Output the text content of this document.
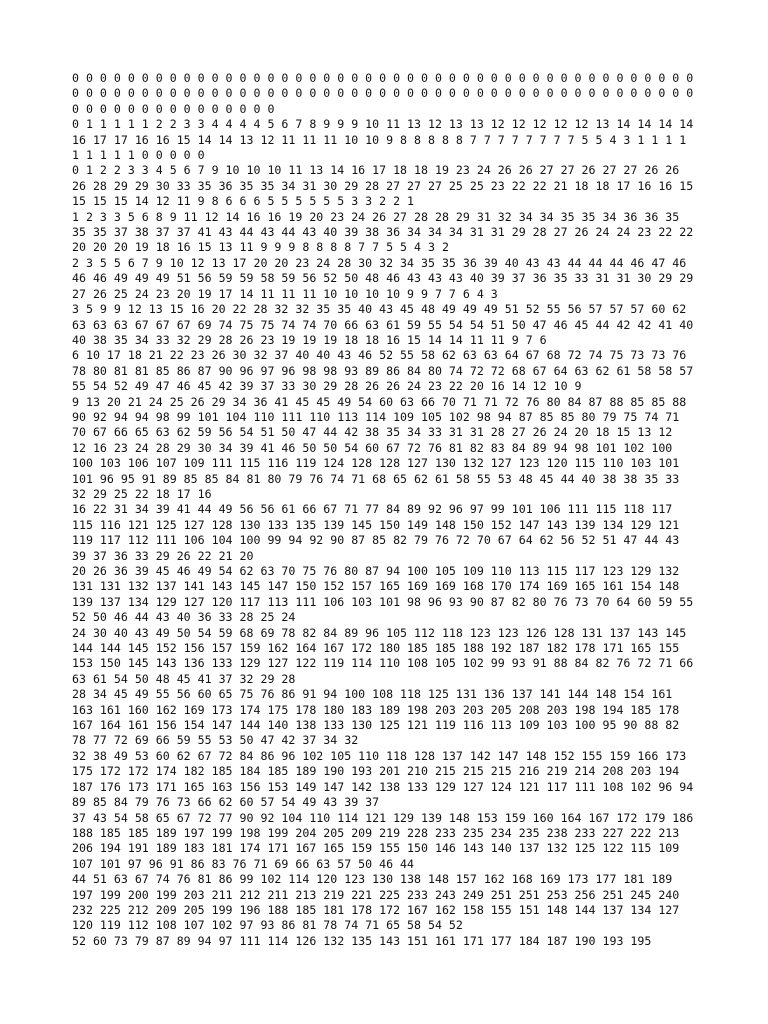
0 0 0 0 0 0 0 0 0 0 0 0 0 0 0 0 0 0 0 0 0 0 0 0 0 0 0 0 0 0 0 0 0 0 0 0 0 0 0 0 0 0 0 0 0 0 0 0 0 0 0 0 0 0 0 0 0 0 0 0 0 0 0 0 0 0 0 0 0 0 0 0 0 0 0 0 0 0 0 0 0 0 0 0 0 0 0 0 0 0 0 0 0 0 0 0 0 0 0 0 0 0 0 0 0
0 1 1 1 1 1 2 2 3 3 4 4 4 4 5 6 7 8 9 9 9 10 11 13 12 13 13 12 12 12 12 12 13 14 14 14 14 16 17 17 16 16 15 14 14 13 12 11 11 11 10 10 9 8 8 8 8 8 7 7 7 7 7 7 7 7 5 5 4 3 1 1 1 1 1 1 1 1 1 0 0 0 0 0
0 1 2 2 3 3 4 5 6 7 9 10 10 10 11 13 14 16 17 18 18 19 23 24 26 26 27 27 26 27 27 26 26 26 28 29 29 30 33 35 36 35 35 34 31 30 29 28 27 27 27 25 25 23 22 22 21 18 18 17 16 16 15 15 15 15 14 12 11 9 8 6 6 6 5 5 5 5 5 5 3 3 2 2 1
1 2 3 3 5 6 8 9 11 12 14 16 16 19 20 23 24 26 27 28 28 29 31 32 34 34 35 35 34 36 36 35 35 35 37 38 37 37 41 43 44 43 44 43 40 39 38 36 34 34 34 31 31 29 28 27 26 24 24 23 22 22 20 20 20 19 18 16 15 13 11 9 9 9 8 8 8 8 7 7 5 5 4 3 2
2 3 5 5 6 7 9 10 12 13 17 20 20 23 24 28 30 32 34 35 35 36 39 40 43 43 44 44 44 46 47 46 46 46 49 49 49 51 56 59 59 58 59 56 52 50 48 46 43 43 43 40 39 37 36 35 33 31 31 30 29 29 27 26 25 24 23 20 19 17 14 11 11 11 10 10 10 10 9 9 7 7 6 4 3
3 5 9 9 12 13 15 16 20 22 28 32 32 35 35 40 43 45 48 49 49 49 51 52 55 56 57 57 57 60 62 63 63 63 67 67 67 69 74 75 75 74 74 70 66 63 61 59 55 54 54 51 50 47 46 45 44 42 42 41 40 40 38 35 34 33 32 29 28 26 23 19 19 19 18 18 16 15 14 14 11 11 9 7 6
6 10 17 18 21 22 23 26 30 32 37 40 40 43 46 52 55 58 62 63 63 64 67 68 72 74 75 73 73 76 78 80 81 81 85 86 87 90 96 97 96 98 98 93 89 86 84 80 74 72 72 68 67 64 63 62 61 58 58 57 55 54 52 49 47 46 45 42 39 37 33 30 29 28 26 26 24 23 22 20 16 14 12 10 9
9 13 20 21 24 25 26 29 34 36 41 45 45 49 54 60 63 66 70 71 71 72 76 80 84 87 88 85 85 88 90 92 94 94 98 99 101 104 110 111 110 113 114 109 105 102 98 94 87 85 85 80 79 75 74 71 70 67 66 65 63 62 59 56 54 51 50 47 44 42 38 35 34 33 31 31 28 27 26 24 20 18 15 13 12
12 16 23 24 28 29 30 34 39 41 46 50 50 54 60 67 72 76 81 82 83 84 89 94 98 101 102 100 100 103 106 107 109 111 115 116 119 124 128 128 127 130 132 127 123 120 115 110 103 101 101 96 95 91 89 85 85 84 81 80 79 76 74 71 68 65 62 61 58 55 53 48 45 44 40 38 38 35 33 32 29 25 22 18 17 16
16 22 31 34 39 41 44 49 56 56 61 66 67 71 77 84 89 92 96 97 99 101 106 111 115 118 117 115 116 121 125 127 128 130 133 135 139 145 150 149 148 150 152 147 143 139 134 129 121 119 117 112 111 106 104 100 99 94 92 90 87 85 82 79 76 72 70 67 64 62 56 52 51 47 44 43 39 37 36 33 29 26 22 21 20
20 26 36 39 45 46 49 54 62 63 70 75 76 80 87 94 100 105 109 110 113 115 117 123 129 132 131 131 132 137 141 143 145 147 150 152 157 165 169 169 168 170 174 169 165 161 154 148 139 137 134 129 127 120 117 113 111 106 103 101 98 96 93 90 87 82 80 76 73 70 64 60 59 55 52 50 46 44 43 40 36 33 28 25 24
24 30 40 43 49 50 54 59 68 69 78 82 84 89 96 105 112 118 123 123 126 128 131 137 143 145 144 144 145 152 156 157 159 162 164 167 172 180 185 185 188 192 187 182 178 171 165 155 153 150 145 143 136 133 129 127 122 119 114 110 108 105 102 99 93 91 88 84 82 76 72 71 66 63 61 54 50 48 45 41 37 32 29 28
28 34 45 49 55 56 60 65 75 76 86 91 94 100 108 118 125 131 136 137 141 144 148 154 161 163 161 160 162 169 173 174 175 178 180 183 189 198 203 203 205 208 203 198 194 185 178 167 164 161 156 154 147 144 140 138 133 130 125 121 119 116 113 109 103 100 95 90 88 82 78 77 72 69 66 59 55 53 50 47 42 37 34 32
32 38 49 53 60 62 67 72 84 86 96 102 105 110 118 128 137 142 147 148 152 155 159 166 173 175 172 172 174 182 185 184 185 189 190 193 201 210 215 215 215 216 219 214 208 203 194 187 176 173 171 165 163 156 153 149 147 142 138 133 129 127 124 121 117 111 108 102 96 94 89 85 84 79 76 73 66 62 60 57 54 49 43 39 37
37 43 54 58 65 67 72 77 90 92 104 110 114 121 129 139 148 153 159 160 164 167 172 179 186 188 185 185 189 197 199 198 199 204 205 209 219 228 233 235 234 235 238 233 227 222 213 206 194 191 189 183 181 174 171 167 165 159 155 150 146 143 140 137 132 125 122 115 109 107 101 97 96 91 86 83 76 71 69 66 63 57 50 46 44
44 51 63 67 74 76 81 86 99 102 114 120 123 130 138 148 157 162 168 169 173 177 181 189 197 199 200 199 203 211 212 211 213 219 221 225 233 243 249 251 251 253 256 251 245 240 232 225 212 209 205 199 196 188 185 181 178 172 167 162 158 155 151 148 144 137 134 127 120 119 112 108 107 102 97 93 86 81 78 74 71 65 58 54 52
52 60 73 79 87 89 94 97 111 114 126 132 135 143 151 161 171 177 184 187 190 193 195
